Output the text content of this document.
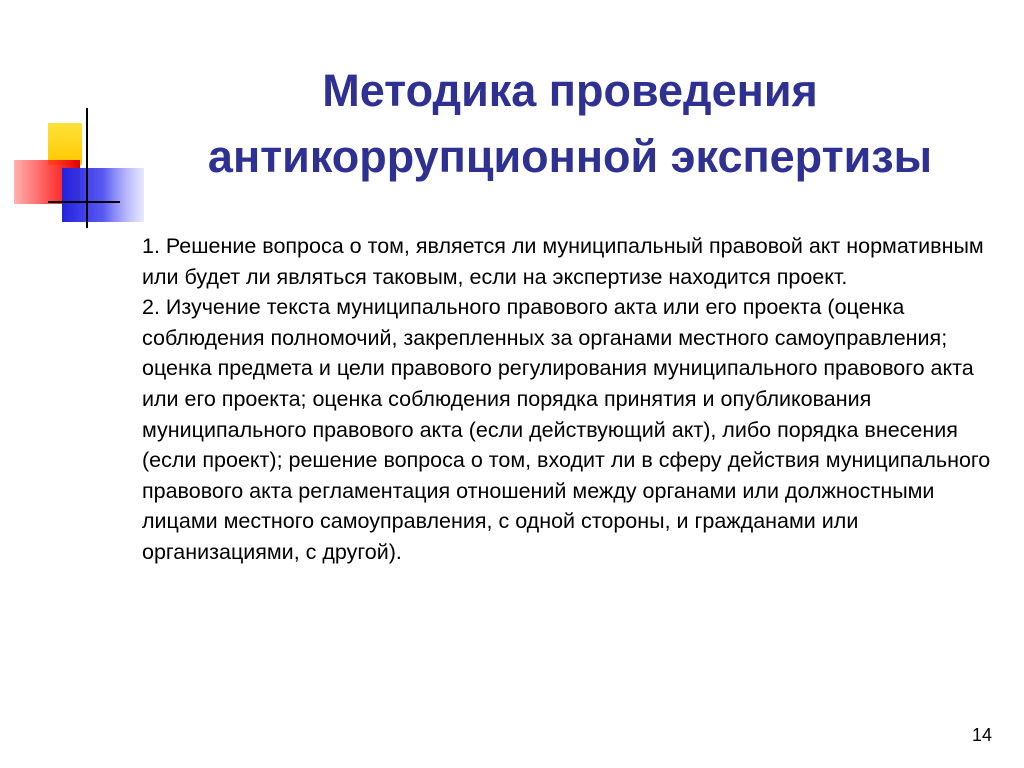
Методика проведения
антикоррупционной экспертизы

1. Решение вопроса о том, является ли муниципальный правовой акт нормативным или будет ли являться таковым, если на экспертизе находится проект.

2. Изучение текста муниципального правового акта или его проекта (оценка соблюдения полномочий, закрепленных за органами местного самоуправления; оценка предмета и цели правового регулирования муниципального правового акта или его проекта; оценка соблюдения порядка принятия и опубликования муниципального правового акта (если действующий акт), либо порядка внесения (если проект); решение вопроса о том, входит ли в сферу действия муниципального правового акта регламентация отношений между органами или должностными лицами местного самоуправления, с одной стороны, и гражданами или организациями, с другой).

14
